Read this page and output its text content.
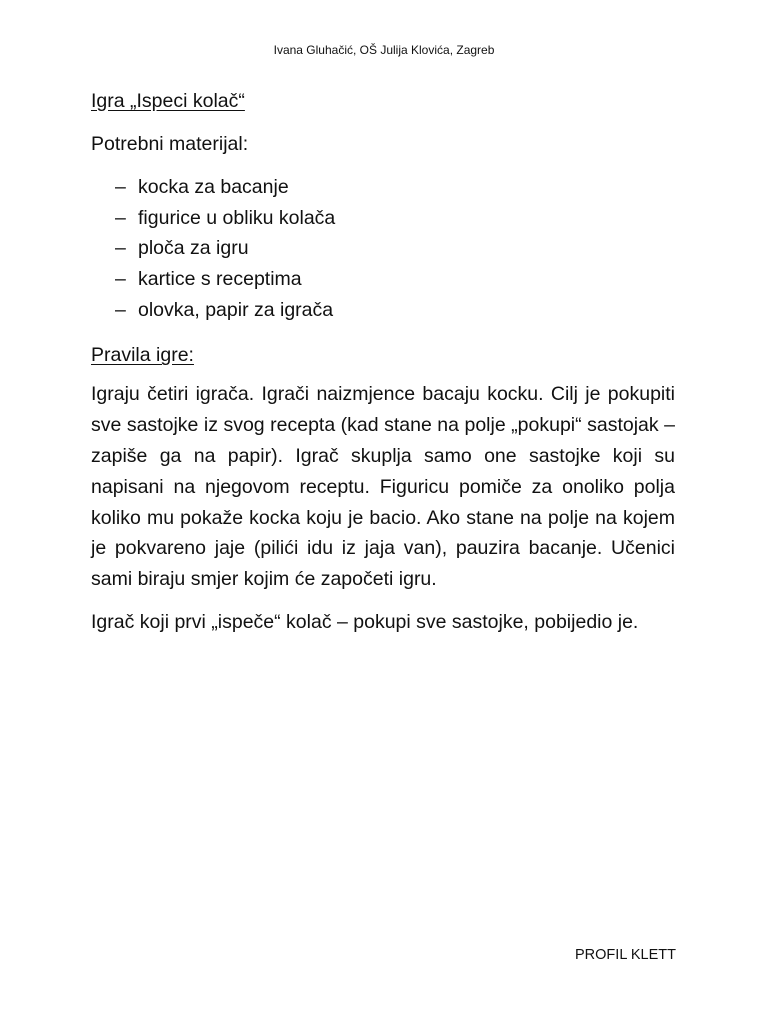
Ivana Gluhačić, OŠ Julija Klovića, Zagreb

Igra „Ispeci kolač“

Potrebni materijal:

– kocka za bacanje
– figurice u obliku kolača
– ploča za igru
– kartice s receptima
– olovka, papir za igrača

Pravila igre:

Igraju četiri igrača. Igrači naizmjence bacaju kocku. Cilj je pokupiti sve sastojke iz svog recepta (kad stane na polje „pokupi“ sastojak – zapiše ga na papir). Igrač skuplja samo one sastojke koji su napisani na njegovom receptu. Figuricu pomiče za onoliko polja koliko mu pokaže kocka koju je bacio. Ako stane na polje na kojem je pokvareno jaje (pilići idu iz jaja van), pauzira bacanje. Učenici sami biraju smjer kojim će započeti igru.

Igrač koji prvi „ispeče“ kolač – pokupi sve sastojke, pobijedio je.

PROFIL KLETT
